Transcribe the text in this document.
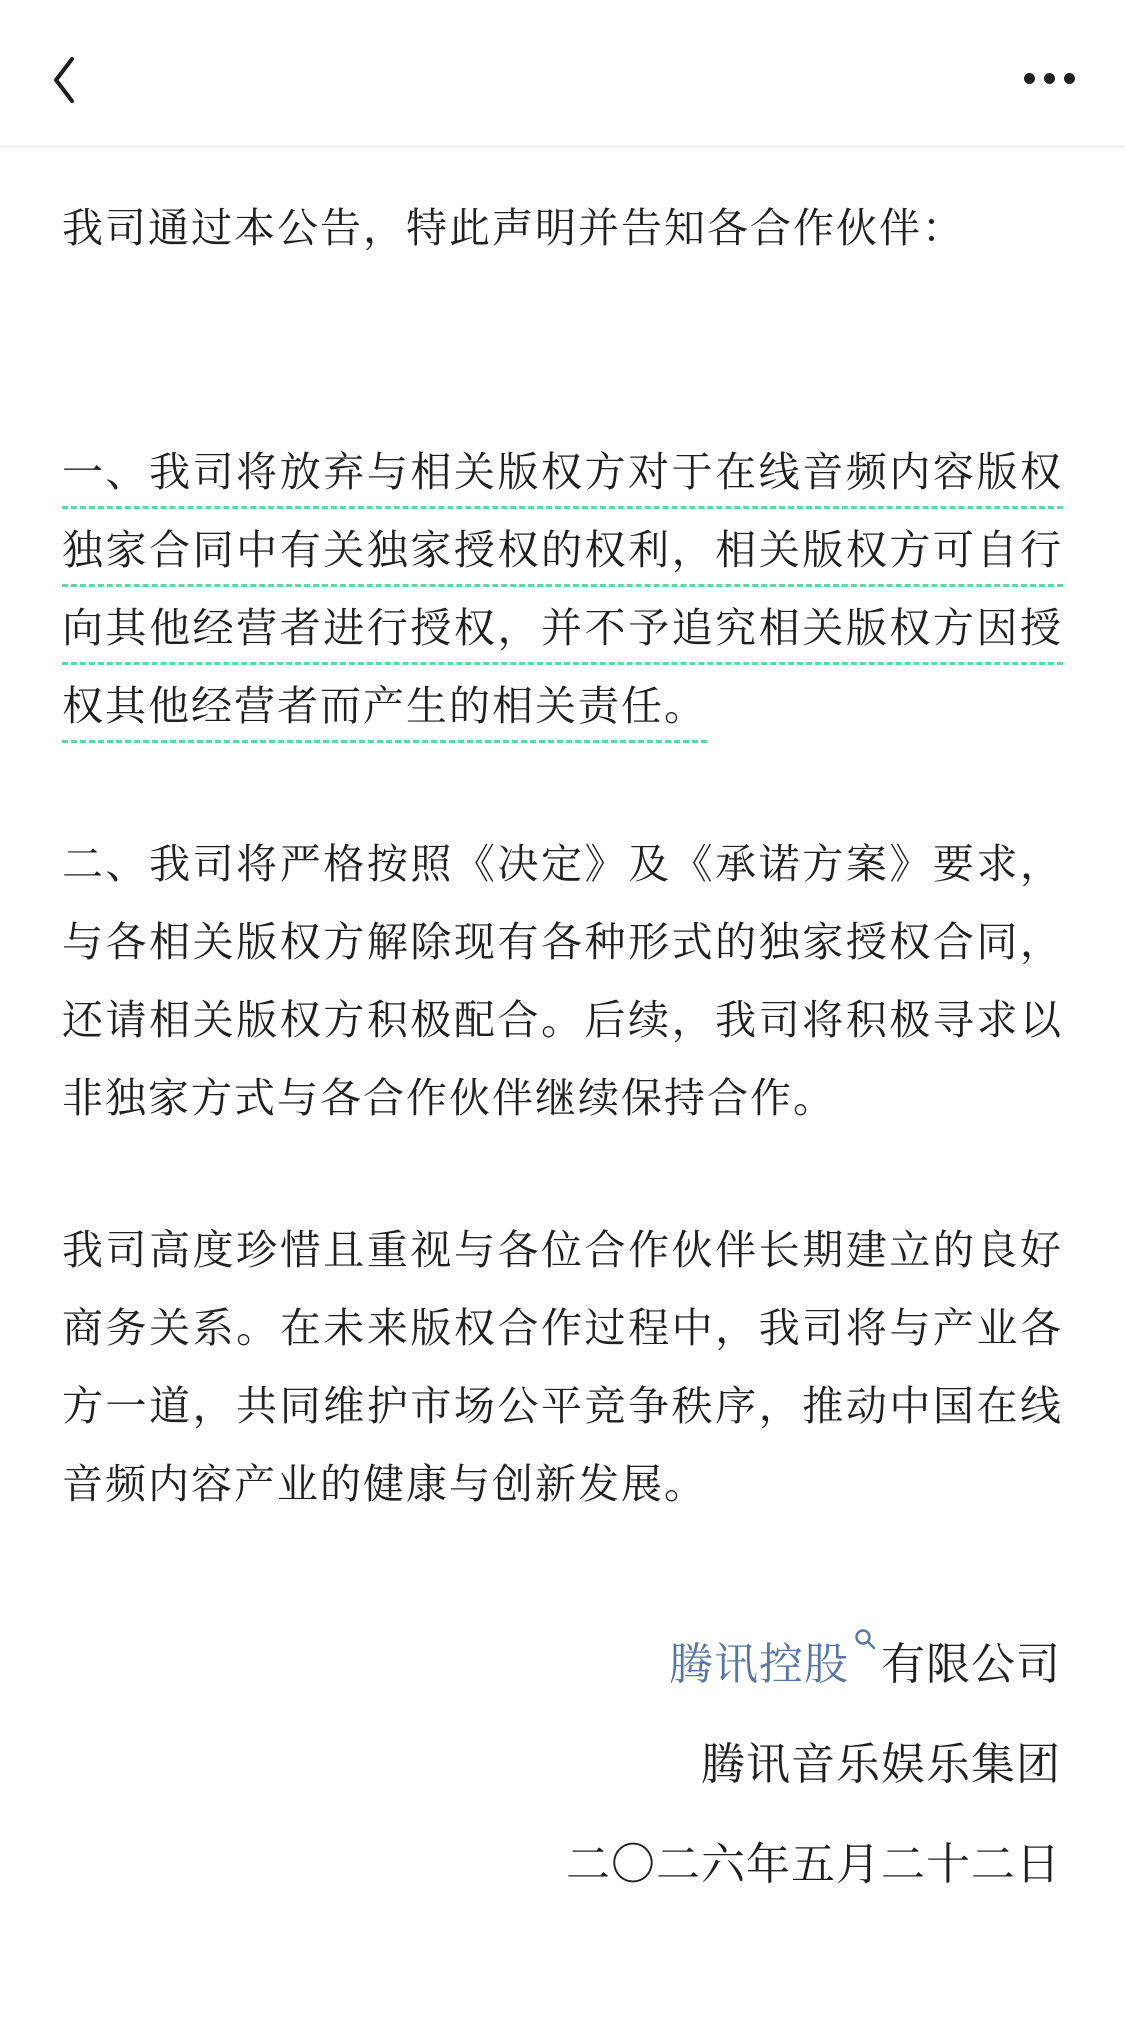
我司通过本公告，特此声明并告知各合作伙伴：

一、我司将放弃与相关版权方对于在线音频内容版权独家合同中有关独家授权的权利，相关版权方可自行向其他经营者进行授权，并不予追究相关版权方因授权其他经营者而产生的相关责任。

二、我司将严格按照《决定》及《承诺方案》要求，与各相关版权方解除现有各种形式的独家授权合同，还请相关版权方积极配合。后续，我司将积极寻求以非独家方式与各合作伙伴继续保持合作。

我司高度珍惜且重视与各位合作伙伴长期建立的良好商务关系。在未来版权合作过程中，我司将与产业各方一道，共同维护市场公平竞争秩序，推动中国在线音频内容产业的健康与创新发展。

腾讯控股 有限公司

腾讯音乐娱乐集团

二〇二六年五月二十二日
